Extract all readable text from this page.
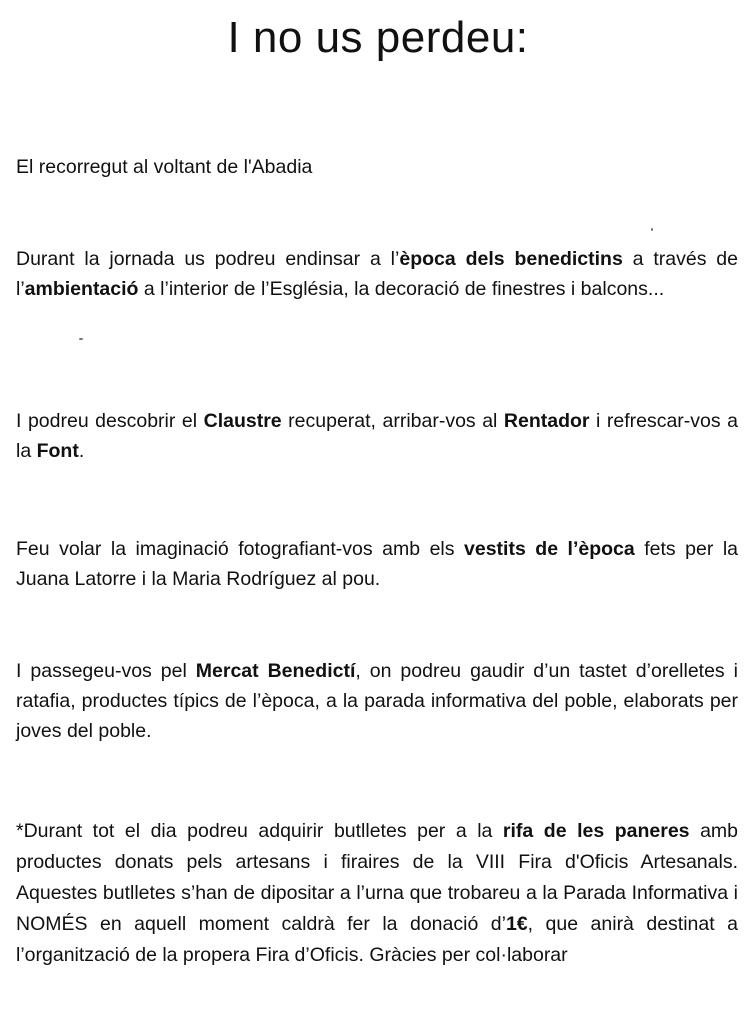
I no us perdeu:

El recorregut al voltant de l'Abadia

Durant la jornada us podreu endinsar a l’època dels benedictins a través de l’ambientació a l’interior de l’Església, la decoració de finestres i balcons...

I podreu descobrir el Claustre recuperat, arribar-vos al Rentador i refrescar-vos a la Font.

Feu volar la imaginació fotografiant-vos amb els vestits de l’època fets per la Juana Latorre i la Maria Rodríguez al pou.

I passegeu-vos pel Mercat Benedictí, on podreu gaudir d’un tastet d’orelletes i ratafia, productes típics de l’època, a la parada informativa del poble, elaborats per joves del poble.

*Durant tot el dia podreu adquirir butlletes per a la rifa de les paneres amb productes donats pels artesans i firaires de la VIII Fira d'Oficis Artesanals. Aquestes butlletes s’han de dipositar a l’urna que trobareu a la Parada Informativa i NOMÉS en aquell moment caldrà fer la donació d’1€, que anirà destinat a l’organització de la propera Fira d’Oficis. Gràcies per col·laborar
